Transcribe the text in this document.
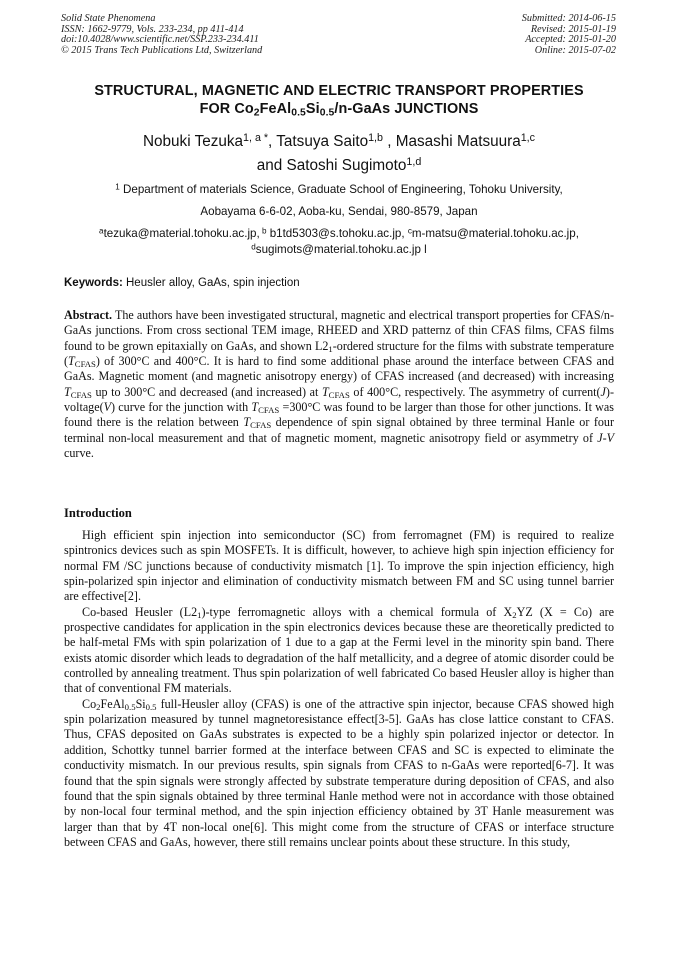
Solid State Phenomena
ISSN: 1662-9779, Vols. 233-234, pp 411-414
doi:10.4028/www.scientific.net/SSP.233-234.411
© 2015 Trans Tech Publications Ltd, Switzerland
Submitted: 2014-06-15
Revised: 2015-01-19
Accepted: 2015-01-20
Online: 2015-07-02
STRUCTURAL, MAGNETIC AND ELECTRIC TRANSPORT PROPERTIES
FOR $Co_2FeAl_{0.5}Si_{0.5}/n$-GaAs JUNCTIONS
Nobuki Tezuka$^{1, a *}$, Tatsuya Saito$^{1,b}$ , Masashi Matsuura$^{1,c}$
and Satoshi Sugimoto$^{1,d}$
$^1$ Department of materials Science, Graduate School of Engineering, Tohoku University,
Aobayama 6-6-02, Aoba-ku, Sendai, 980-8579, Japan
$^a$tezuka@material.tohoku.ac.jp, $^b$ b1td5303@s.tohoku.ac.jp, $^c$m-matsu@material.tohoku.ac.jp,
$^d$sugimots@material.tohoku.ac.jp l
Keywords: Heusler alloy, GaAs, spin injection

Abstract. The authors have been investigated structural, magnetic and electrical transport properties for CFAS/n-GaAs junctions. From cross sectional TEM image, RHEED and XRD patternz of thin CFAS films, CFAS films found to be grown epitaxially on GaAs, and shown $L2_1$-ordered structure for the films with substrate temperature $(T_{CFAS})$ of 300°C and 400°C. It is hard to find some additional phase around the interface between CFAS and GaAs. Magnetic moment (and magnetic anisotropy energy) of CFAS increased (and decreased) with increasing $T_{CFAS}$ up to 300°C and decreased (and increased) at $T_{CFAS}$ of 400°C, respectively. The asymmetry of current(J)-voltage(V) curve for the junction with $T_{CFAS} =300^\circ C$ was found to be larger than those for other junctions. It was found there is the relation between $T_{CFAS}$ dependence of spin signal obtained by three terminal Hanle or four terminal non-local measurement and that of magnetic moment, magnetic anisotropy field or asymmetry of J-V curve.

Introduction

High efficient spin injection into semiconductor (SC) from ferromagnet (FM) is required to realize spintronics devices such as spin MOSFETs. It is difficult, however, to achieve high spin injection efficiency for normal FM /SC junctions because of conductivity mismatch [1]. To improve the spin injection efficiency, high spin-polarized spin injector and elimination of conductivity mismatch between FM and SC using tunnel barrier are effective[2].

Co-based Heusler $(L2_1)$-type ferromagnetic alloys with a chemical formula of $X_2YZ$ (X = Co) are prospective candidates for application in the spin electronics devices because these are theoretically predicted to be half-metal FMs with spin polarization of 1 due to a gap at the Fermi level in the minority spin band. There exists atomic disorder which leads to degradation of the half metallicity, and a degree of atomic disorder could be controlled by annealing treatment. Thus spin polarization of well fabricated Co based Heusler alloy is higher than that of conventional FM materials.

$Co_2FeAl_{0.5}Si_{0.5}$ full-Heusler alloy (CFAS) is one of the attractive spin injector, because CFAS showed high spin polarization measured by tunnel magnetoresistance effect[3-5]. GaAs has close lattice constant to CFAS. Thus, CFAS deposited on GaAs substrates is expected to be a highly spin polarized injector or detector. In addition, Schottky tunnel barrier formed at the interface between CFAS and SC is expected to eliminate the conductivity mismatch. In our previous results, spin signals from CFAS to n-GaAs were reported[6-7]. It was found that the spin signals were strongly affected by substrate temperature during deposition of CFAS, and also found that the spin signals obtained by three terminal Hanle method were not in accordance with those obtained by non-local four terminal method, and the spin injection efficiency obtained by 3T Hanle measurement was larger than that by 4T non-local one[6]. This might come from the structure of CFAS or interface structure between CFAS and GaAs, however, there still remains unclear points about these structure. In this study,
